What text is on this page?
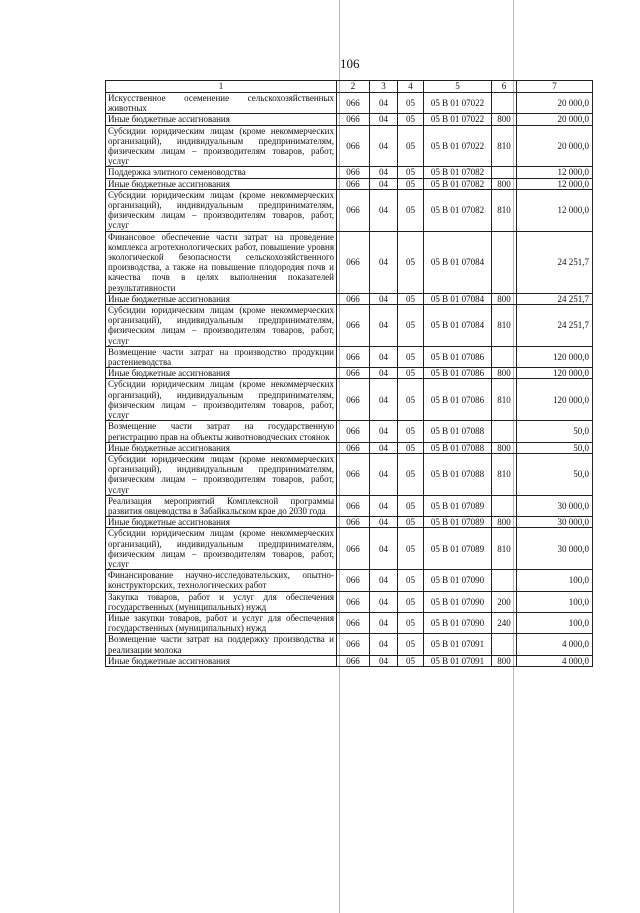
106
1	2	3	4	5	6	7
Искусственное осеменение сельскохозяйственных животных	066	04	05	05 В 01 07022		20 000,0
Иные бюджетные ассигнования	066	04	05	05 В 01 07022	800	20 000,0
Субсидии юридическим лицам (кроме некоммерческих организаций), индивидуальным предпринимателям, физическим лицам – производителям товаров, работ, услуг	066	04	05	05 В 01 07022	810	20 000,0
Поддержка элитного семеноводства	066	04	05	05 В 01 07082		12 000,0
Иные бюджетные ассигнования	066	04	05	05 В 01 07082	800	12 000,0
Субсидии юридическим лицам (кроме некоммерческих организаций), индивидуальным предпринимателям, физическим лицам – производителям товаров, работ, услуг	066	04	05	05 В 01 07082	810	12 000,0
Финансовое обеспечение части затрат на проведение комплекса агротехнологических работ, повышение уровня экологической безопасности сельскохозяйственного производства, а также на повышение плодородия почв и качества почв в целях выполнения показателей результативности	066	04	05	05 В 01 07084		24 251,7
Иные бюджетные ассигнования	066	04	05	05 В 01 07084	800	24 251,7
Субсидии юридическим лицам (кроме некоммерческих организаций), индивидуальным предпринимателям, физическим лицам – производителям товаров, работ, услуг	066	04	05	05 В 01 07084	810	24 251,7
Возмещение части затрат на производство продукции растениеводства	066	04	05	05 В 01 07086		120 000,0
Иные бюджетные ассигнования	066	04	05	05 В 01 07086	800	120 000,0
Субсидии юридическим лицам (кроме некоммерческих организаций), индивидуальным предпринимателям, физическим лицам – производителям товаров, работ, услуг	066	04	05	05 В 01 07086	810	120 000,0
Возмещение части затрат на государственную регистрацию прав на объекты животноводческих стоянок	066	04	05	05 В 01 07088		50,0
Иные бюджетные ассигнования	066	04	05	05 В 01 07088	800	50,0
Субсидии юридическим лицам (кроме некоммерческих организаций), индивидуальным предпринимателям, физическим лицам – производителям товаров, работ, услуг	066	04	05	05 В 01 07088	810	50,0
Реализация мероприятий Комплексной программы развития овцеводства в Забайкальском крае до 2030 года	066	04	05	05 В 01 07089		30 000,0
Иные бюджетные ассигнования	066	04	05	05 В 01 07089	800	30 000,0
Субсидии юридическим лицам (кроме некоммерческих организаций), индивидуальным предпринимателям, физическим лицам – производителям товаров, работ, услуг	066	04	05	05 В 01 07089	810	30 000,0
Финансирование научно-исследовательских, опытно-конструкторских, технологических работ	066	04	05	05 В 01 07090		100,0
Закупка товаров, работ и услуг для обеспечения государственных (муниципальных) нужд	066	04	05	05 В 01 07090	200	100,0
Иные закупки товаров, работ и услуг для обеспечения государственных (муниципальных) нужд	066	04	05	05 В 01 07090	240	100,0
Возмещение части затрат на поддержку производства и реализации молока	066	04	05	05 В 01 07091		4 000,0
Иные бюджетные ассигнования	066	04	05	05 В 01 07091	800	4 000,0
